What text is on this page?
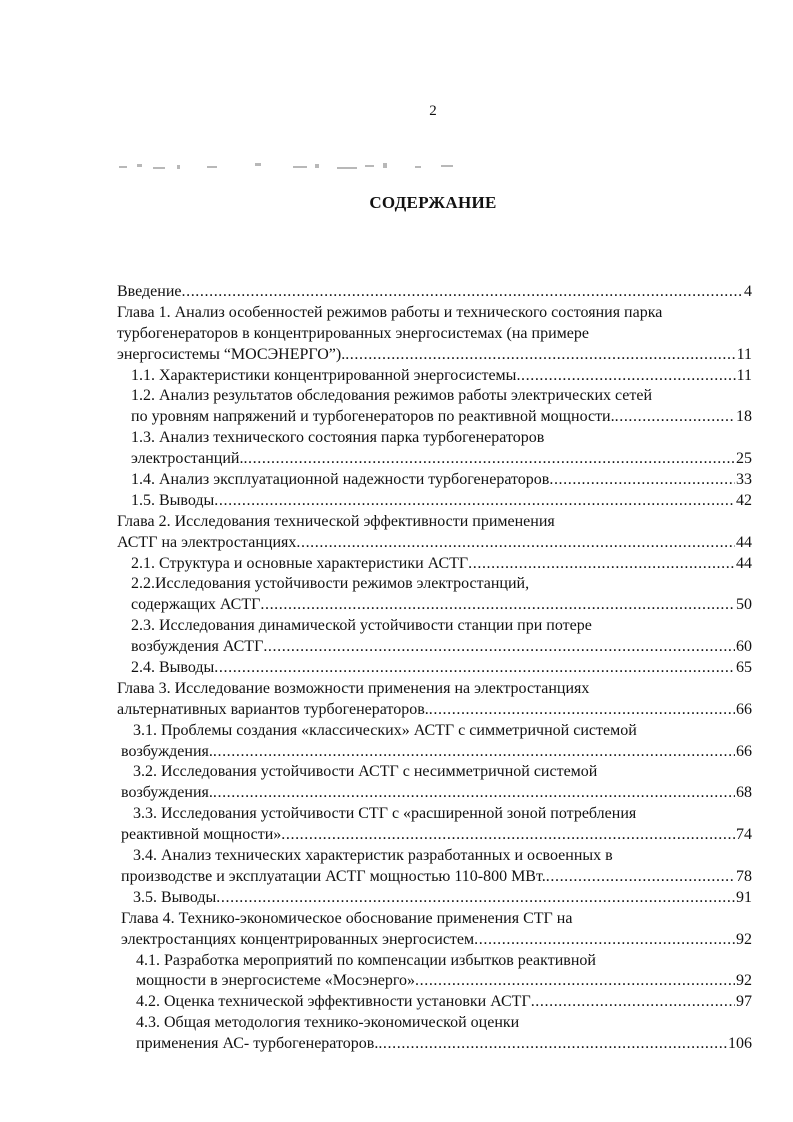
2
СОДЕРЖАНИЕ
Введение .....	4
Глава 1. Анализ особенностей режимов работы и технического состояния парка
турбогенераторов в концентрированных энергосистемах (на примере
энергосистемы “МОСЭНЕРГО”). .....	11
1.1. Характеристики концентрированной энергосистемы .....	11
1.2. Анализ результатов обследования режимов работы электрических сетей
по уровням напряжений и турбогенераторов по реактивной мощности. .....	18
1.3. Анализ технического состояния парка турбогенераторов
электростанций. .....	25
1.4. Анализ эксплуатационной надежности турбогенераторов .....	33
1.5. Выводы .....	42
Глава 2. Исследования технической эффективности применения
АСТГ на электростанциях .....	44
2.1. Структура и основные характеристики АСТГ .....	44
2.2.Исследования устойчивости режимов электростанций,
содержащих АСТГ .....	50
2.3. Исследования динамической устойчивости станции при потере
возбуждения АСТГ .....	60
2.4. Выводы .....	65
Глава 3. Исследование возможности применения на электростанциях
альтернативных вариантов турбогенераторов. .....	66
3.1. Проблемы создания «классических» АСТГ с симметричной системой
возбуждения. .....	66
3.2. Исследования устойчивости АСТГ с несимметричной системой
возбуждения. .....	68
3.3. Исследования устойчивости СТГ с «расширенной зоной потребления
реактивной мощности» .....	74
3.4. Анализ технических характеристик разработанных и освоенных в
производстве и эксплуатации АСТГ мощностью 110-800 МВт. .....	78
3.5. Выводы .....	91
Глава 4. Технико-экономическое обоснование применения СТГ на
электростанциях концентрированных энергосистем .....	92
4.1. Разработка мероприятий по компенсации избытков реактивной
мощности в энергосистеме «Мосэнерго» .....	92
4.2. Оценка технической эффективности установки АСТГ .....	97
4.3. Общая методология технико-экономической оценки
применения АС- турбогенераторов. .....	106
